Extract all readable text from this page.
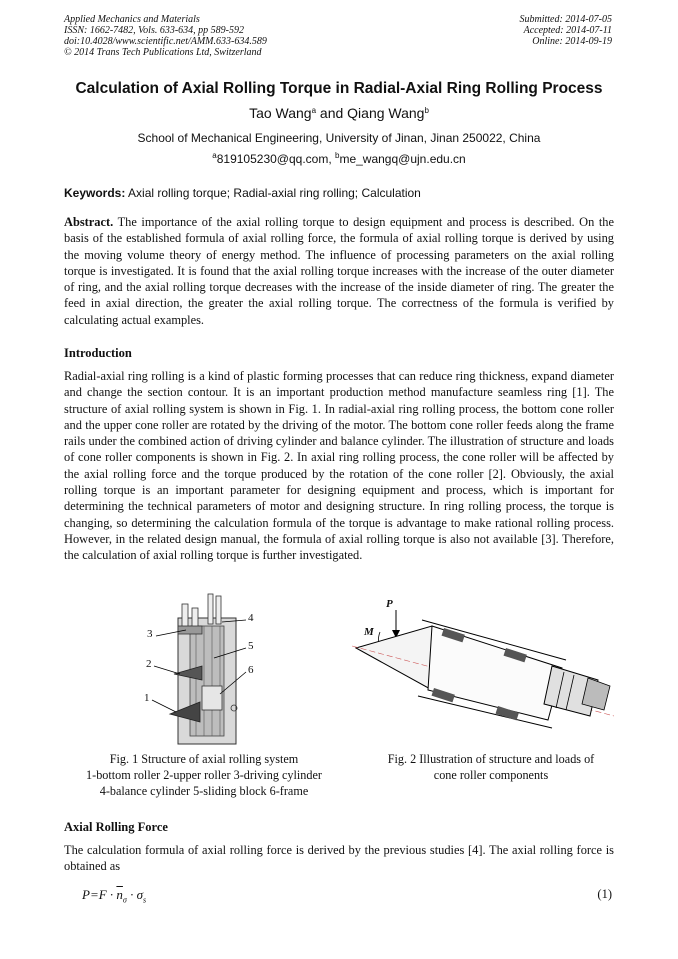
Applied Mechanics and Materials
ISSN: 1662-7482, Vols. 633-634, pp 589-592
doi:10.4028/www.scientific.net/AMM.633-634.589
© 2014 Trans Tech Publications Ltd, Switzerland
Submitted: 2014-07-05
Accepted: 2014-07-11
Online: 2014-09-19
Calculation of Axial Rolling Torque in Radial-Axial Ring Rolling Process
Tao Wang$^a$ and Qiang Wang$^b$
School of Mechanical Engineering, University of Jinan, Jinan 250022, China
$^a$819105230@qq.com, $^b$me_wangq@ujn.edu.cn
Keywords: Axial rolling torque; Radial-axial ring rolling; Calculation

Abstract. The importance of the axial rolling torque to design equipment and process is described. On the basis of the established formula of axial rolling force, the formula of axial rolling torque is derived by using the moving volume theory of energy method. The influence of processing parameters on the axial rolling torque is investigated. It is found that the axial rolling torque increases with the increase of the outer diameter of ring, and the axial rolling torque decreases with the increase of the inside diameter of ring. The greater the feed in axial direction, the greater the axial rolling torque. The correctness of the formula is verified by calculating actual examples.

Introduction

Radial-axial ring rolling is a kind of plastic forming processes that can reduce ring thickness, expand diameter and change the section contour. It is an important production method manufacture seamless ring [1]. The structure of axial rolling system is shown in Fig. 1. In radial-axial ring rolling process, the bottom cone roller and the upper cone roller are rotated by the driving of the motor. The bottom cone roller feeds along the frame rails under the combined action of driving cylinder and balance cylinder. The illustration of structure and loads of cone roller components is shown in Fig. 2. In axial ring rolling process, the cone roller will be affected by the axial rolling force and the torque produced by the rotation of the cone roller [2]. Obviously, the axial rolling torque is an important parameter for designing equipment and process, which is important for determining the technical parameters of motor and designing structure. In ring rolling process, the torque is changing, so determining the calculation formula of the torque is advantage to make rational rolling process. However, in the related design manual, the formula of axial rolling torque is also not available [3]. Therefore, the calculation of axial rolling torque is further investigated.

1
2
3
4
5
6
P
M
Fig. 1 Structure of axial rolling system
1-bottom roller 2-upper roller 3-driving cylinder
4-balance cylinder 5-sliding block 6-frame
Fig. 2 Illustration of structure and loads of
cone roller components
Axial Rolling Force

The calculation formula of axial rolling force is derived by the previous studies [4]. The axial rolling force is obtained as

$P=F \cdot \overline{n}_\sigma \cdot \sigma_s$	(1)
